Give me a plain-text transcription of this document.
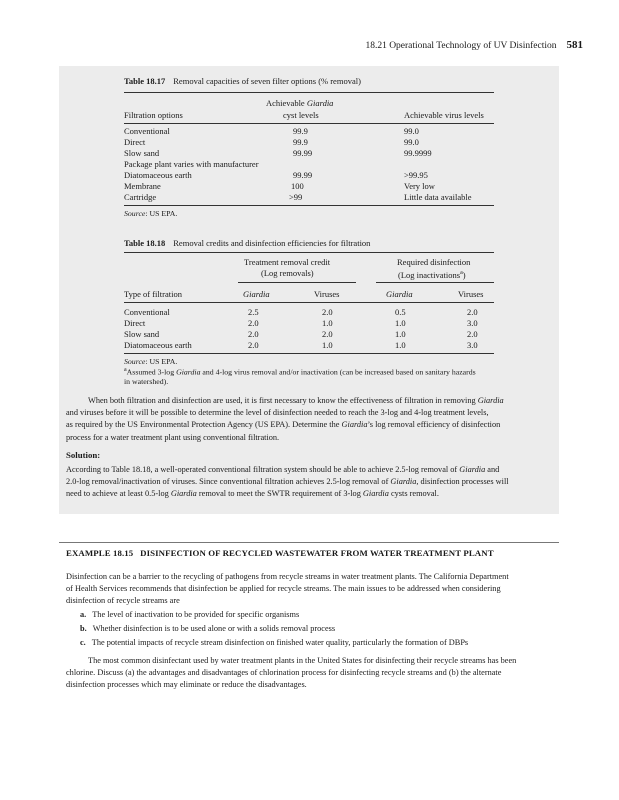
18.21 Operational Technology of UV Disinfection 581
Table 18.17 Removal capacities of seven filter options (% removal)
Achievable Giardia
Filtration options	cyst levels	Achievable virus levels
Conventional	99.9	99.0
Direct	99.9	99.0
Slow sand	99.99	99.9999
Package plant varies with manufacturer
Diatomaceous earth	99.99	>99.95
Membrane	100	Very low
Cartridge	>99	Little data available
Source: US EPA.
Table 18.18 Removal credits and disinfection efficiencies for filtration
Treatment removal credit
(Log removals)
Required disinfection
(Log inactivations$^a$)
Type of filtration	Giardia	Viruses	Giardia	Viruses
Conventional	2.5	2.0	0.5	2.0
Direct	2.0	1.0	1.0	3.0
Slow sand	2.0	2.0	1.0	2.0
Diatomaceous earth	2.0	1.0	1.0	3.0
Source: US EPA.
$^a$Assumed 3-log Giardia and 4-log virus removal and/or inactivation (can be increased based on sanitary hazards
in watershed).
When both filtration and disinfection are used, it is first necessary to know the effectiveness of filtration in removing Giardia
and viruses before it will be possible to determine the level of disinfection needed to reach the 3-log and 4-log treatment levels,
as required by the US Environmental Protection Agency (US EPA). Determine the Giardia’s log removal efficiency of disinfection
process for a water treatment plant using conventional filtration.
Solution:
According to Table 18.18, a well-operated conventional filtration system should be able to achieve 2.5-log removal of Giardia and
2.0-log removal/inactivation of viruses. Since conventional filtration achieves 2.5-log removal of Giardia, disinfection processes will
need to achieve at least 0.5-log Giardia removal to meet the SWTR requirement of 3-log Giardia cysts removal.
EXAMPLE 18.15   DISINFECTION OF RECYCLED WASTEWATER FROM WATER TREATMENT PLANT
Disinfection can be a barrier to the recycling of pathogens from recycle streams in water treatment plants. The California Department
of Health Services recommends that disinfection be applied for recycle streams. The main issues to be addressed when considering
disinfection of recycle streams are
a. The level of inactivation to be provided for specific organisms
b. Whether disinfection is to be used alone or with a solids removal process
c. The potential impacts of recycle stream disinfection on finished water quality, particularly the formation of DBPs
The most common disinfectant used by water treatment plants in the United States for disinfecting their recycle streams has been
chlorine. Discuss (a) the advantages and disadvantages of chlorination process for disinfecting recycle streams and (b) the alternate
disinfection processes which may eliminate or reduce the disadvantages.
